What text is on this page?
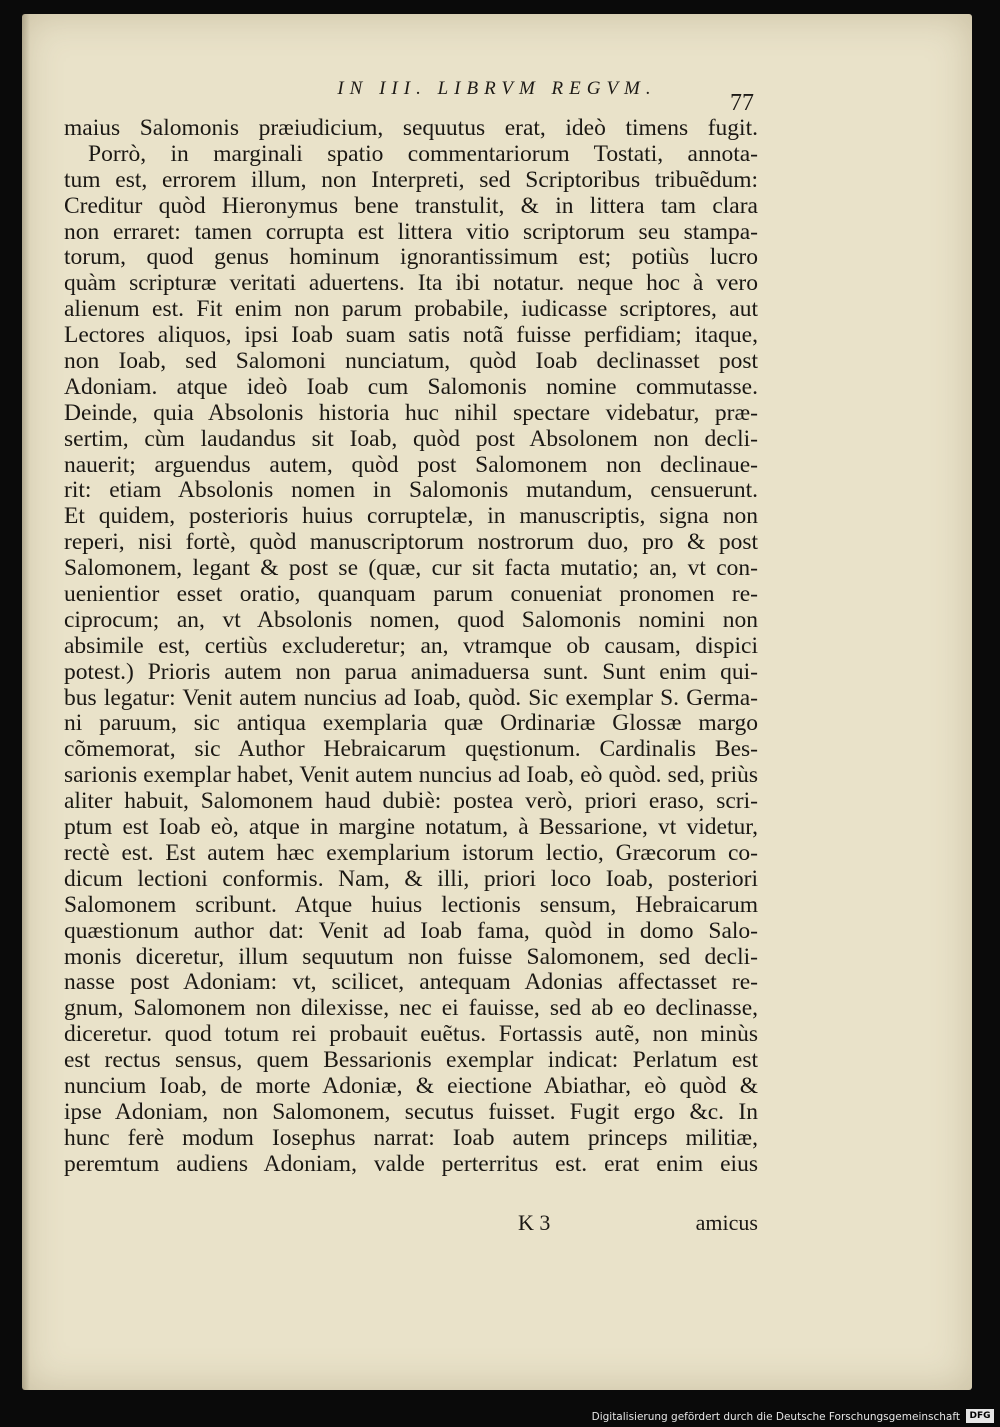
IN III. LIBRVM REGVM.
77
maius Salomonis præiudicium, sequutus erat, ideò timens fugit.
Porrò, in marginali spatio commentariorum Tostati, annota-
tum est, errorem illum, non Interpreti, sed Scriptoribus tribuẽdum:
Creditur quòd Hieronymus bene transtulit, & in littera tam clara
non erraret: tamen corrupta est littera vitio scriptorum seu stampa-
torum, quod genus hominum ignorantissimum est; potiùs lucro
quàm scripturæ veritati aduertens. Ita ibi notatur. neque hoc à vero
alienum est. Fit enim non parum probabile, iudicasse scriptores, aut
Lectores aliquos, ipsi Ioab suam satis notã fuisse perfidiam; itaque,
non Ioab, sed Salomoni nunciatum, quòd Ioab declinasset post
Adoniam. atque ideò Ioab cum Salomonis nomine commutasse.
Deinde, quia Absolonis historia huc nihil spectare videbatur, præ-
sertim, cùm laudandus sit Ioab, quòd post Absolonem non decli-
nauerit; arguendus autem, quòd post Salomonem non declinaue-
rit: etiam Absolonis nomen in Salomonis mutandum, censuerunt.
Et quidem, posterioris huius corruptelæ, in manuscriptis, signa non
reperi, nisi fortè, quòd manuscriptorum nostrorum duo, pro & post
Salomonem, legant & post se (quæ, cur sit facta mutatio; an, vt con-
uenientior esset oratio, quanquam parum conueniat pronomen re-
ciprocum; an, vt Absolonis nomen, quod Salomonis nomini non
absimile est, certiùs excluderetur; an, vtramque ob causam, dispici
potest.) Prioris autem non parua animaduersa sunt. Sunt enim qui-
bus legatur: Venit autem nuncius ad Ioab, quòd. Sic exemplar S. Germa-
ni paruum, sic antiqua exemplaria quæ Ordinariæ Glossæ margo
cõmemorat, sic Author Hebraicarum quęstionum. Cardinalis Bes-
sarionis exemplar habet, Venit autem nuncius ad Ioab, eò quòd. sed, priùs
aliter habuit, Salomonem haud dubiè: postea verò, priori eraso, scri-
ptum est Ioab eò, atque in margine notatum, à Bessarione, vt videtur,
rectè est. Est autem hæc exemplarium istorum lectio, Græcorum co-
dicum lectioni conformis. Nam, & illi, priori loco Ioab, posteriori
Salomonem scribunt. Atque huius lectionis sensum, Hebraicarum
quæstionum author dat: Venit ad Ioab fama, quòd in domo Salo-
monis diceretur, illum sequutum non fuisse Salomonem, sed decli-
nasse post Adoniam: vt, scilicet, antequam Adonias affectasset re-
gnum, Salomonem non dilexisse, nec ei fauisse, sed ab eo declinasse,
diceretur. quod totum rei probauit euẽtus. Fortassis autẽ, non minùs
est rectus sensus, quem Bessarionis exemplar indicat: Perlatum est
nuncium Ioab, de morte Adoniæ, & eiectione Abiathar, eò quòd &
ipse Adoniam, non Salomonem, secutus fuisset. Fugit ergo &c. In
hunc ferè modum Iosephus narrat: Ioab autem princeps militiæ,
peremtum audiens Adoniam, valde perterritus est. erat enim eius
K 3	amicus
Digitalisierung gefördert durch die Deutsche Forschungsgemeinschaft	DFG
